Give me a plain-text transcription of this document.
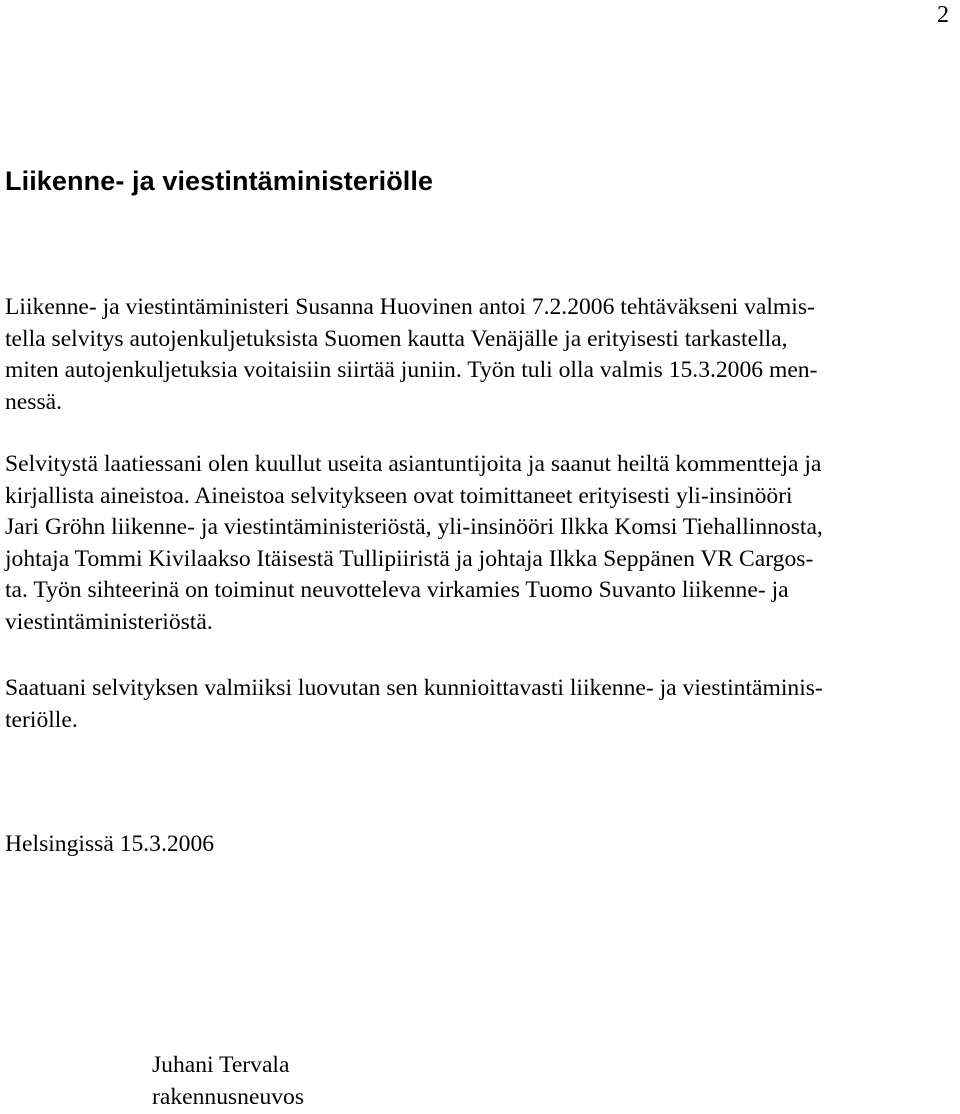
2
Liikenne- ja viestintäministeriölle

Liikenne- ja viestintäministeri Susanna Huovinen antoi 7.2.2006 tehtäväkseni valmis-
tella selvitys autojenkuljetuksista Suomen kautta Venäjälle ja erityisesti tarkastella,
miten autojenkuljetuksia voitaisiin siirtää juniin. Työn tuli olla valmis 15.3.2006 men-
nessä.

Selvitystä laatiessani olen kuullut useita asiantuntijoita ja saanut heiltä kommentteja ja
kirjallista aineistoa. Aineistoa selvitykseen ovat toimittaneet erityisesti yli-insinööri
Jari Gröhn liikenne- ja viestintäministeriöstä, yli-insinööri Ilkka Komsi Tiehallinnosta,
johtaja Tommi Kivilaakso Itäisestä Tullipiiristä ja johtaja Ilkka Seppänen VR Cargos-
ta. Työn sihteerinä on toiminut neuvotteleva virkamies Tuomo Suvanto liikenne- ja
viestintäministeriöstä.

Saatuani selvityksen valmiiksi luovutan sen kunnioittavasti liikenne- ja viestintäminis-
teriölle.

Helsingissä 15.3.2006

Juhani Tervala

rakennusneuvos
